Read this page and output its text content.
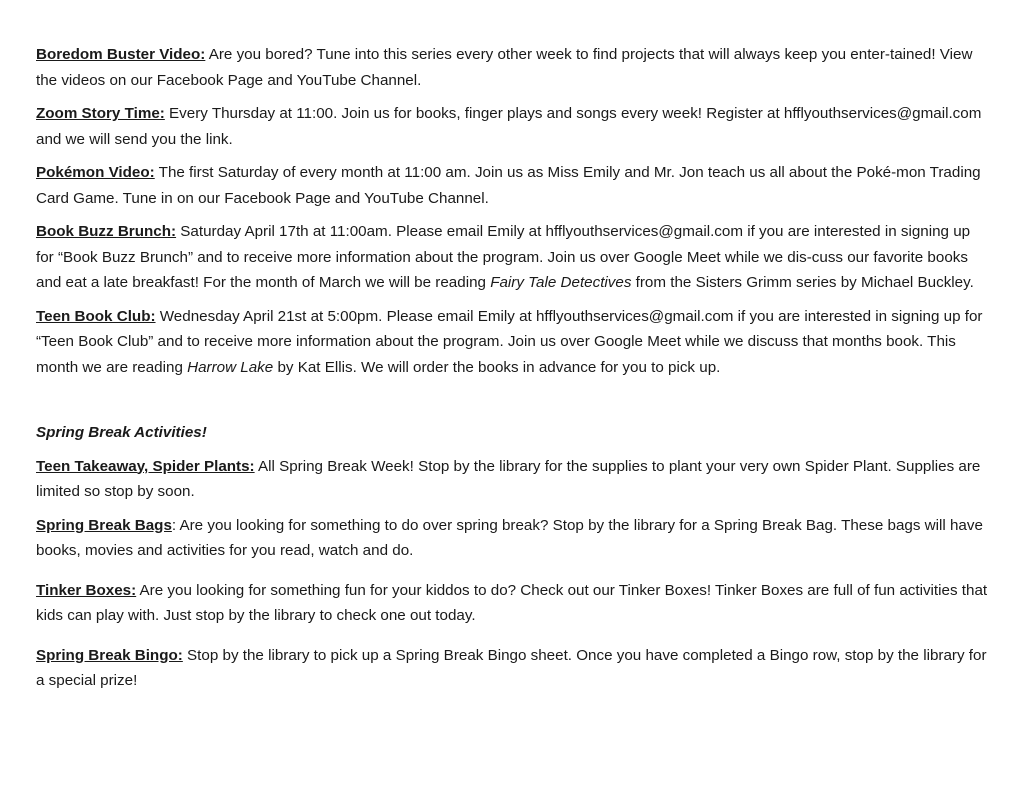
Boredom Buster Video: Are you bored? Tune into this series every other week to find projects that will always keep you enter-tained! View the videos on our Facebook Page and YouTube Channel.

Zoom Story Time: Every Thursday at 11:00. Join us for books, finger plays and songs every week! Register at hfflyouthservices@gmail.com and we will send you the link.

Pokémon Video: The first Saturday of every month at 11:00 am. Join us as Miss Emily and Mr. Jon teach us all about the Poké-mon Trading Card Game. Tune in on our Facebook Page and YouTube Channel.

Book Buzz Brunch: Saturday April 17th at 11:00am. Please email Emily at hfflyouthservices@gmail.com if you are interested in signing up for “Book Buzz Brunch” and to receive more information about the program. Join us over Google Meet while we dis-cuss our favorite books and eat a late breakfast! For the month of March we will be reading Fairy Tale Detectives from the Sisters Grimm series by Michael Buckley.

Teen Book Club: Wednesday April 21st at 5:00pm. Please email Emily at hfflyouthservices@gmail.com if you are interested in signing up for “Teen Book Club” and to receive more information about the program. Join us over Google Meet while we discuss that months book. This month we are reading Harrow Lake by Kat Ellis. We will order the books in advance for you to pick up.

Spring Break Activities!

Teen Takeaway, Spider Plants: All Spring Break Week! Stop by the library for the supplies to plant your very own Spider Plant. Supplies are limited so stop by soon.

Spring Break Bags: Are you looking for something to do over spring break? Stop by the library for a Spring Break Bag. These bags will have books, movies and activities for you read, watch and do.

Tinker Boxes: Are you looking for something fun for your kiddos to do? Check out our Tinker Boxes! Tinker Boxes are full of fun activities that kids can play with. Just stop by the library to check one out today.

Spring Break Bingo: Stop by the library to pick up a Spring Break Bingo sheet. Once you have completed a Bingo row, stop by the library for a special prize!
